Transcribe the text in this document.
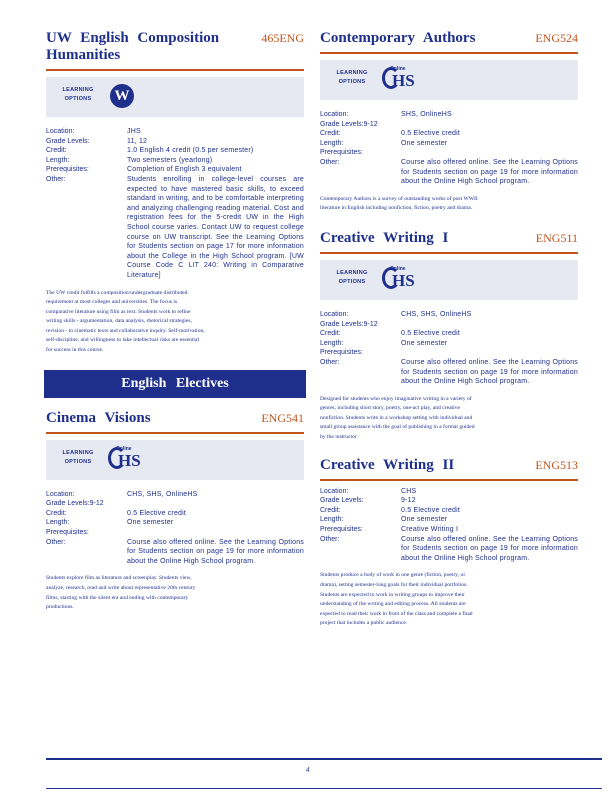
UW English Composition Humanities
465ENG
LEARNING OPTIONS	W
Location:	JHS
Grade Levels:	11, 12
Credit:	1.0 English 4 credit (0.5 per semester)
Length:	Two semesters (yearlong)
Prerequisites:	Completion of English 3 equivalent
Other:	Students enrolling in college-level courses are expected to have mastered basic skills, to exceed standard in writing, and to be comfortable interpreting and analyzing challenging reading material. Cost and registration fees for the 5-credit UW in the High School course varies. Contact UW to request college course on UW transcript. See the Learning Options for Students section on page 17 for more information about the College in the High School program. [UW Course Code C LIT 240: Writing in Comparative Literature]
The UW credit fulfills a composition/undergraduate distributed requirement at most colleges and universities. The focus is comparative literature using film as text. Students work to refine writing skills - argumentation, data analysis, rhetorical strategies, revision - to cinematic texts and collaborative inquiry. Self-motivation, self-discipline, and willingness to take intellectual risks are essential for success in this course.
English Electives
Cinema Visions	ENG541
LEARNING OPTIONS
Online
HS
Location:	CHS, SHS, OnlineHS
Grade Levels:9-12
Credit:	0.5 Elective credit
Length:	One semester
Prerequisites:
Other:	Course also offered online. See the Learning Options for Students section on page 19 for more information about the Online High School program.
Students explore film as literature and screenplay. Students view, analyze, research, read and write about representative 20th century films, starting with the silent era and ending with contemporary productions.
Contemporary Authors	ENG524
LEARNING OPTIONS
Online
HS
Location:	SHS, OnlineHS
Grade Levels:9-12
Credit:	0.5 Elective credit
Length:	One semester
Prerequisites:
Other:	Course also offered online. See the Learning Options for Students section on page 19 for more information about the Online High School program.
Contemporary Authors is a survey of outstanding works of post WWII literature in English including nonfiction, fiction, poetry and drama.
Creative Writing I	ENG511
LEARNING OPTIONS
Online
HS
Location:	CHS, SHS, OnlineHS
Grade Levels:9-12
Credit:	0.5 Elective credit
Length:	One semester
Prerequisites:
Other:	Course also offered online. See the Learning Options for Students section on page 19 for more information about the Online High School program.
Designed for students who enjoy imaginative writing in a variety of genres, including short story, poetry, one-act play, and creative nonfiction. Students write in a workshop setting with individual and small group assistance with the goal of publishing in a format guided by the instructor.
Creative Writing II	ENG513
Location:	CHS
Grade Levels:	9-12
Credit:	0.5 Elective credit
Length:	One semester
Prerequisites:	Creative Writing I
Other:	Course also offered online. See the Learning Options for Students section on page 19 for more information about the Online High School program.
Students produce a body of work in one genre (fiction, poetry, or drama), setting semester-long goals for their individual portfolios. Students are expected to work in writing groups to improve their understanding of the writing and editing process. All students are expected to read their work in front of the class and complete a final project that includes a public audience.
4
